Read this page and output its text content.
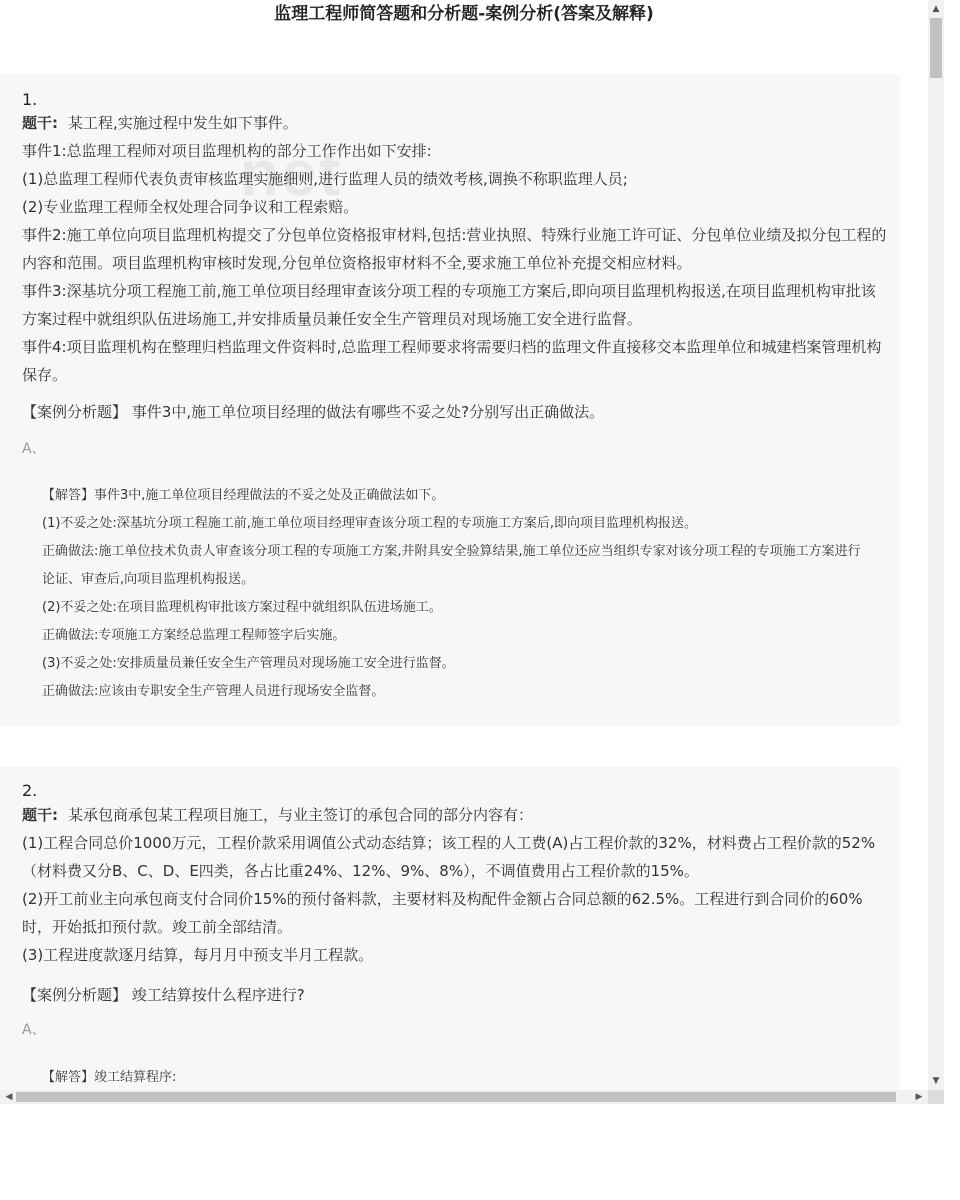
监理工程师简答题和分析题-案例分析(答案及解释)
1.

题干: 某工程,实施过程中发生如下事件。

事件1:总监理工程师对项目监理机构的部分工作作出如下安排:

(1)总监理工程师代表负责审核监理实施细则,进行监理人员的绩效考核,调换不称职监理人员;

(2)专业监理工程师全权处理合同争议和工程索赔。

事件2:施工单位向项目监理机构提交了分包单位资格报审材料,包括:营业执照、特殊行业施工许可证、分包单位业绩及拟分包工程的内容和范围。项目监理机构审核时发现,分包单位资格报审材料不全,要求施工单位补充提交相应材料。

事件3:深基坑分项工程施工前,施工单位项目经理审查该分项工程的专项施工方案后,即向项目监理机构报送,在项目监理机构审批该方案过程中就组织队伍进场施工,并安排质量员兼任安全生产管理员对现场施工安全进行监督。

事件4:项目监理机构在整理归档监理文件资料时,总监理工程师要求将需要归档的监理文件直接移交本监理单位和城建档案管理机构保存。

【案例分析题】 事件3中,施工单位项目经理的做法有哪些不妥之处?分别写出正确做法。
A、

【解答】事件3中,施工单位项目经理做法的不妥之处及正确做法如下。

(1)不妥之处:深基坑分项工程施工前,施工单位项目经理审查该分项工程的专项施工方案后,即向项目监理机构报送。

正确做法:施工单位技术负责人审查该分项工程的专项施工方案,并附具安全验算结果,施工单位还应当组织专家对该分项工程的专项施工方案进行论证、审查后,向项目监理机构报送。

(2)不妥之处:在项目监理机构审批该方案过程中就组织队伍进场施工。

正确做法:专项施工方案经总监理工程师签字后实施。

(3)不妥之处:安排质量员兼任安全生产管理员对现场施工安全进行监督。

正确做法:应该由专职安全生产管理人员进行现场安全监督。

2.

题干: 某承包商承包某工程项目施工，与业主签订的承包合同的部分内容有：

(1)工程合同总价1000万元，工程价款采用调值公式动态结算；该工程的人工费(A)占工程价款的32%，材料费占工程价款的52% （材料费又分B、C、D、E四类，各占比重24%、12%、9%、8%），不调值费用占工程价款的15%。

(2)开工前业主向承包商支付合同价15%的预付备料款，主要材料及构配件金额占合同总额的62.5%。工程进行到合同价的60%时，开始抵扣预付款。竣工前全部结清。

(3)工程进度款逐月结算，每月月中预支半月工程款。

【案例分析题】 竣工结算按什么程序进行?
A、

【解答】竣工结算程序:

net
▲
▼
◀	▶
